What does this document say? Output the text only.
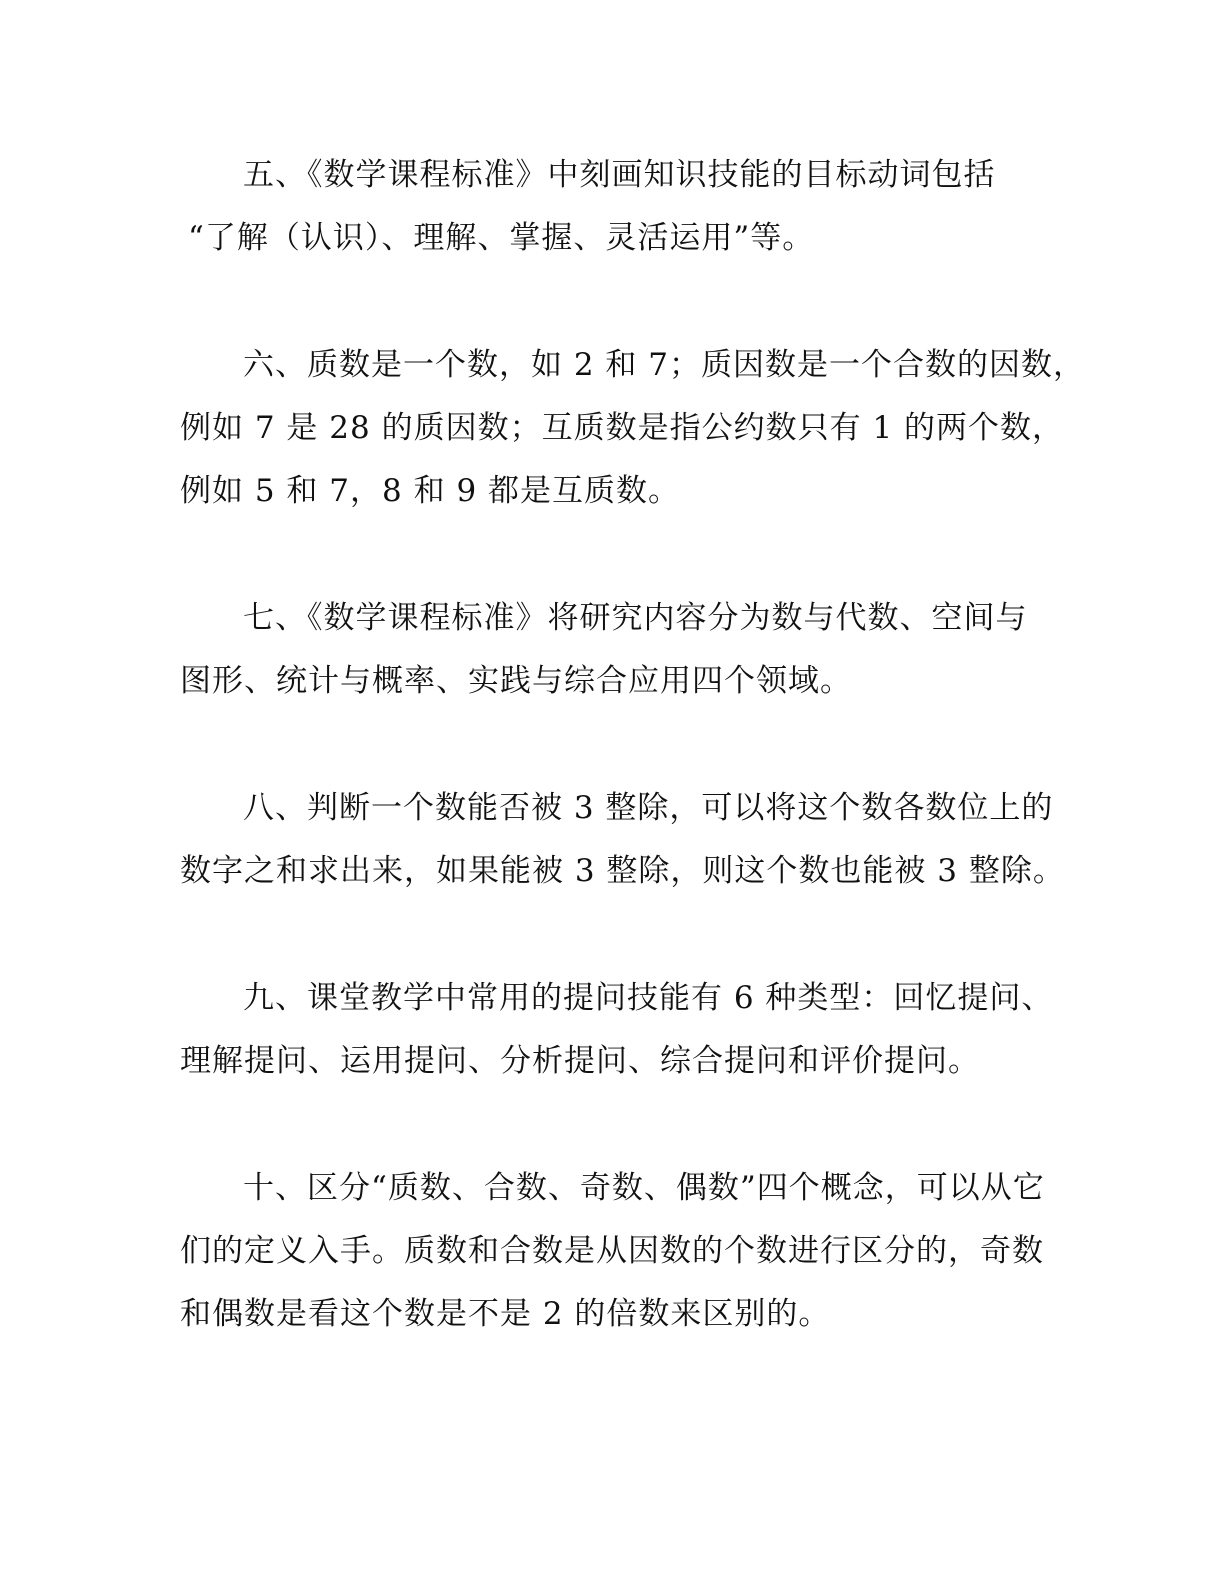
五、《数学课程标准》中刻画知识技能的目标动词包括
“了解（认识）、理解、掌握、灵活运用”等。
六、质数是一个数，如 2 和 7；质因数是一个合数的因数，
例如 7 是 28 的质因数；互质数是指公约数只有 1 的两个数，
例如 5 和 7，8 和 9 都是互质数。
七、《数学课程标准》将研究内容分为数与代数、空间与
图形、统计与概率、实践与综合应用四个领域。
八、判断一个数能否被 3 整除，可以将这个数各数位上的
数字之和求出来，如果能被 3 整除，则这个数也能被 3 整除。
九、课堂教学中常用的提问技能有 6 种类型：回忆提问、
理解提问、运用提问、分析提问、综合提问和评价提问。
十、区分“质数、合数、奇数、偶数”四个概念，可以从它
们的定义入手。质数和合数是从因数的个数进行区分的，奇数
和偶数是看这个数是不是 2 的倍数来区别的。
